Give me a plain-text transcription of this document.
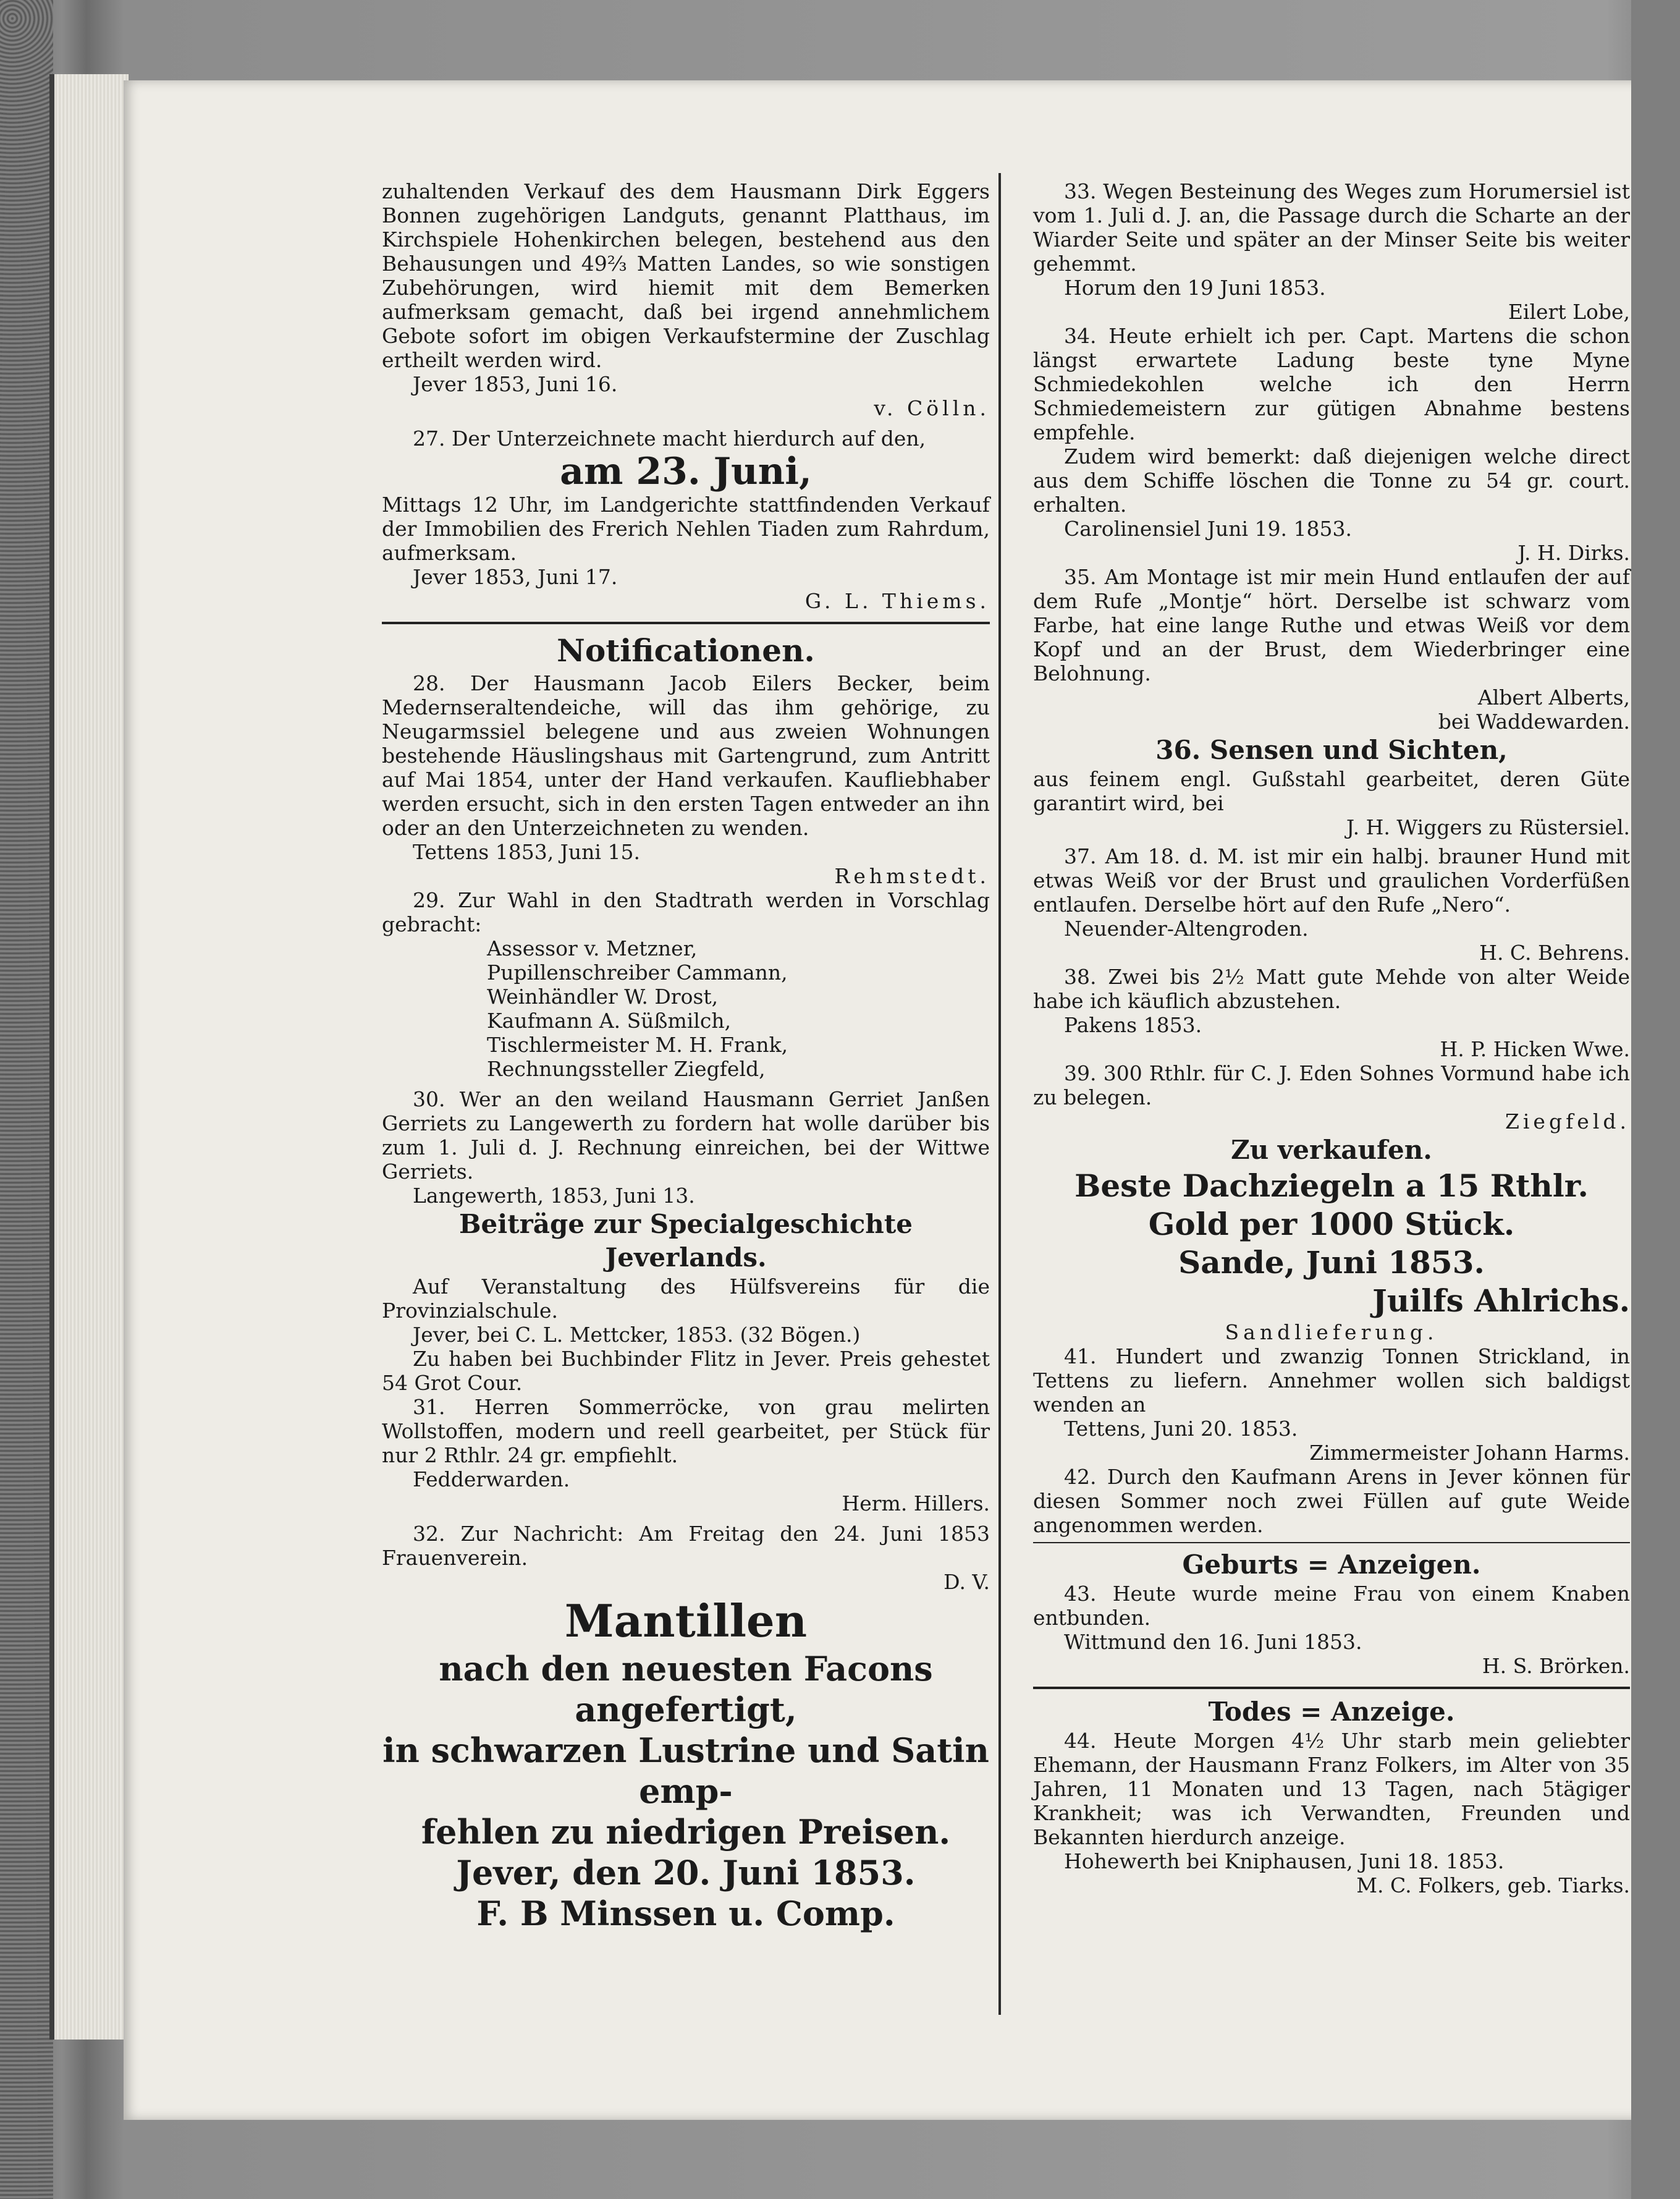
zuhaltenden Verkauf des dem Hausmann Dirk Eggers Bonnen zugehörigen Landguts, genannt Platthaus, im Kirchspiele Hohenkirchen belegen, bestehend aus den Behausungen und 49⅔ Matten Landes, so wie sonstigen Zubehörungen, wird hiemit mit dem Bemerken aufmerksam gemacht, daß bei irgend annehmlichem Gebote sofort im obigen Verkaufstermine der Zuschlag ertheilt werden wird.

Jever 1853, Juni 16.

v. Cölln.

27. Der Unterzeichnete macht hierdurch auf den,

am 23. Juni,

Mittags 12 Uhr, im Landgerichte stattfindenden Verkauf der Immobilien des Frerich Nehlen Tiaden zum Rahrdum, aufmerksam.

Jever 1853, Juni 17.

G. L. Thiems.

Notificationen.

28. Der Hausmann Jacob Eilers Becker, beim Medernseraltendeiche, will das ihm gehörige, zu Neugarmssiel belegene und aus zweien Wohnungen bestehende Häuslingshaus mit Gartengrund, zum Antritt auf Mai 1854, unter der Hand verkaufen. Kaufliebhaber werden ersucht, sich in den ersten Tagen entweder an ihn oder an den Unterzeichneten zu wenden.

Tettens 1853, Juni 15.

Rehmstedt.

29. Zur Wahl in den Stadtrath werden in Vorschlag gebracht:

Assessor v. Metzner,

Pupillenschreiber Cammann,

Weinhändler W. Drost,

Kaufmann A. Süßmilch,

Tischlermeister M. H. Frank,

Rechnungssteller Ziegfeld,

30. Wer an den weiland Hausmann Gerriet Janßen Gerriets zu Langewerth zu fordern hat wolle darüber bis zum 1. Juli d. J. Rechnung einreichen, bei der Wittwe Gerriets.

Langewerth, 1853, Juni 13.

Beiträge zur Specialgeschichte Jeverlands.

Auf Veranstaltung des Hülfsvereins für die Provinzialschule.

Jever, bei C. L. Mettcker, 1853. (32 Bögen.)

Zu haben bei Buchbinder Flitz in Jever. Preis gehestet 54 Grot Cour.

31. Herren Sommerröcke, von grau melirten Wollstoffen, modern und reell gearbeitet, per Stück für nur 2 Rthlr. 24 gr. empfiehlt.

Fedderwarden.

Herm. Hillers.

32. Zur Nachricht: Am Freitag den 24. Juni 1853 Frauenverein.

D. V.

Mantillen

nach den neuesten Facons angefertigt,

in schwarzen Lustrine und Satin emp-

fehlen zu niedrigen Preisen.

Jever, den 20. Juni 1853.

F. B Minssen u. Comp.

33. Wegen Besteinung des Weges zum Horumersiel ist vom 1. Juli d. J. an, die Passage durch die Scharte an der Wiarder Seite und später an der Minser Seite bis weiter gehemmt.

Horum den 19 Juni 1853.

Eilert Lobe,

34. Heute erhielt ich per. Capt. Martens die schon längst erwartete Ladung beste tyne Myne Schmiedekohlen welche ich den Herrn Schmiedemeistern zur gütigen Abnahme bestens empfehle.

Zudem wird bemerkt: daß diejenigen welche direct aus dem Schiffe löschen die Tonne zu 54 gr. court. erhalten.

Carolinensiel Juni 19. 1853.

J. H. Dirks.

35. Am Montage ist mir mein Hund entlaufen der auf dem Rufe „Montje“ hört. Derselbe ist schwarz vom Farbe, hat eine lange Ruthe und etwas Weiß vor dem Kopf und an der Brust, dem Wiederbringer eine Belohnung.

Albert Alberts,

bei Waddewarden.

36. Sensen und Sichten,

aus feinem engl. Gußstahl gearbeitet, deren Güte garantirt wird, bei

J. H. Wiggers zu Rüstersiel.

37. Am 18. d. M. ist mir ein halbj. brauner Hund mit etwas Weiß vor der Brust und graulichen Vorderfüßen entlaufen. Derselbe hört auf den Rufe „Nero“.

Neuender-Altengroden.

H. C. Behrens.

38. Zwei bis 2½ Matt gute Mehde von alter Weide habe ich käuflich abzustehen.

Pakens 1853.

H. P. Hicken Wwe.

39. 300 Rthlr. für C. J. Eden Sohnes Vormund habe ich zu belegen.

Ziegfeld.

Zu verkaufen.

Beste Dachziegeln a 15 Rthlr.

Gold per 1000 Stück.

Sande, Juni 1853.

Juilfs Ahlrichs.

Sandlieferung.

41. Hundert und zwanzig Tonnen Strickland, in Tettens zu liefern. Annehmer wollen sich baldigst wenden an

Tettens, Juni 20. 1853.

Zimmermeister Johann Harms.

42. Durch den Kaufmann Arens in Jever können für diesen Sommer noch zwei Füllen auf gute Weide angenommen werden.

Geburts = Anzeigen.

43. Heute wurde meine Frau von einem Knaben entbunden.

Wittmund den 16. Juni 1853.

H. S. Brörken.

Todes = Anzeige.

44. Heute Morgen 4½ Uhr starb mein geliebter Ehemann, der Hausmann Franz Folkers, im Alter von 35 Jahren, 11 Monaten und 13 Tagen, nach 5tägiger Krankheit; was ich Verwandten, Freunden und Bekannten hierdurch anzeige.

Hohewerth bei Kniphausen, Juni 18. 1853.

M. C. Folkers, geb. Tiarks.
